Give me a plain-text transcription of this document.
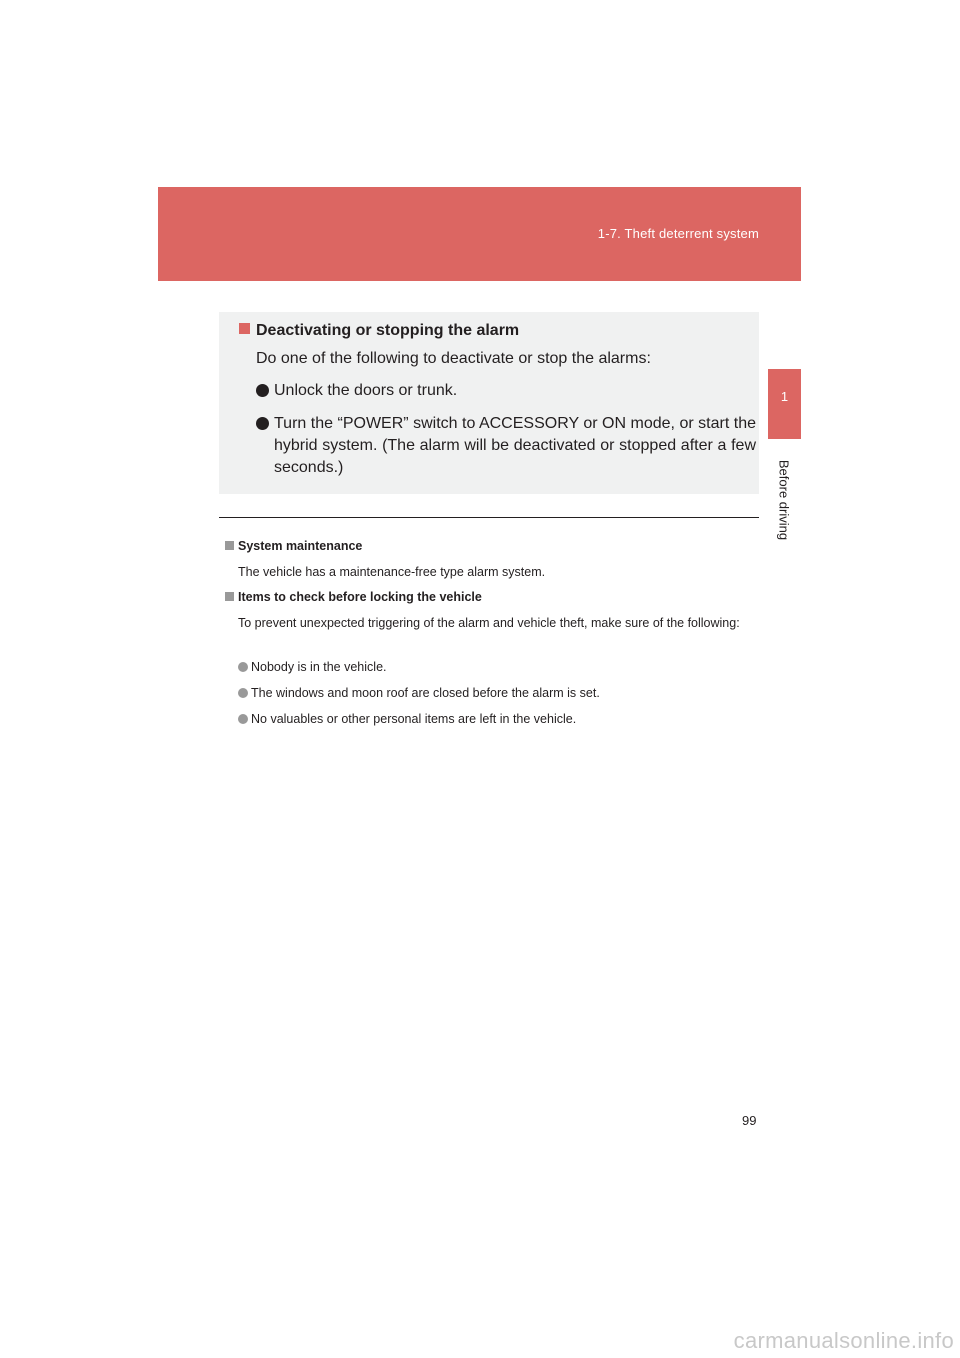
1-7. Theft deterrent system
1
Before driving
Deactivating or stopping the alarm
Do one of the following to deactivate or stop the alarms:
Unlock the doors or trunk.
Turn the “POWER” switch to ACCESSORY or ON mode, or start the hybrid system. (The alarm will be deactivated or stopped after a few seconds.)
System maintenance
The vehicle has a maintenance-free type alarm system.
Items to check before locking the vehicle
To prevent unexpected triggering of the alarm and vehicle theft, make sure of the following:
Nobody is in the vehicle.
The windows and moon roof are closed before the alarm is set.
No valuables or other personal items are left in the vehicle.
99
carmanualsonline.info
